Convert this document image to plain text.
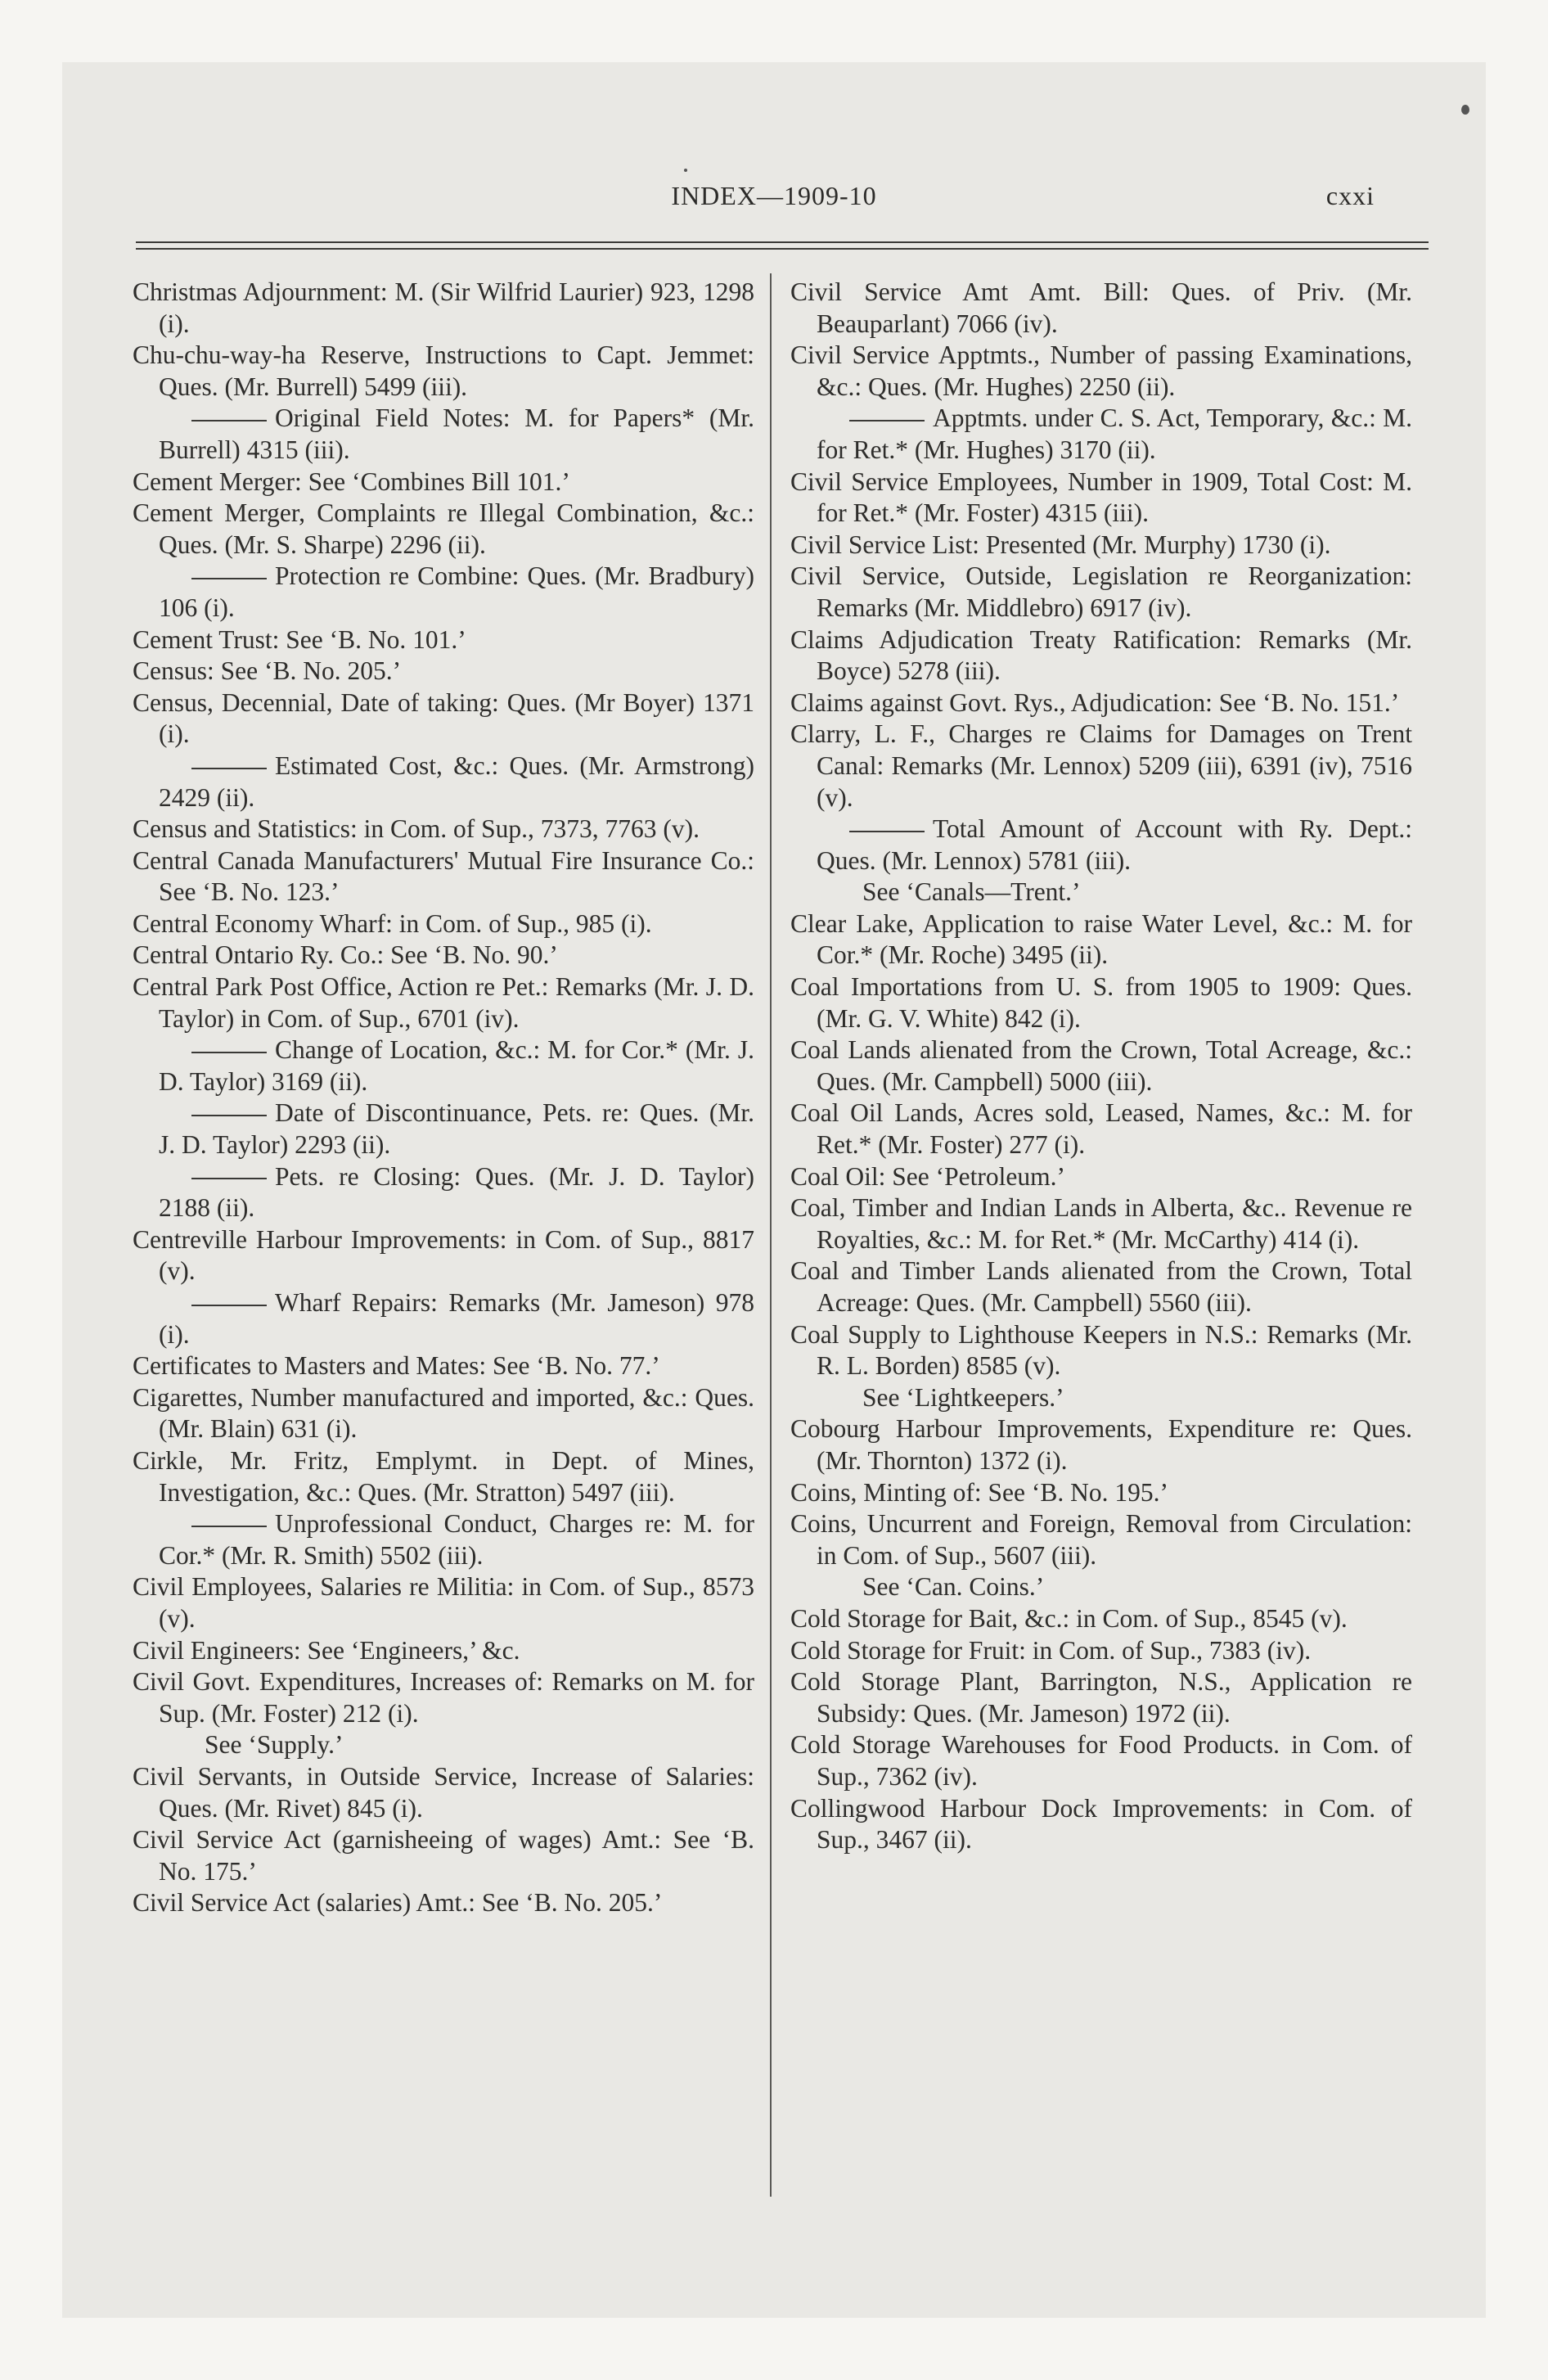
INDEX—1909-10	cxxi

Christmas Adjournment: M. (Sir Wilfrid Laurier) 923, 1298 (i).

Chu-chu-way-ha Reserve, Instructions to Capt. Jemmet: Ques. (Mr. Burrell) 5499 (iii).

Original Field Notes: M. for Papers* (Mr. Burrell) 4315 (iii).

Cement Merger: See ‘Combines Bill 101.’

Cement Merger, Complaints re Illegal Combination, &c.: Ques. (Mr. S. Sharpe) 2296 (ii).

Protection re Combine: Ques. (Mr. Bradbury) 106 (i).

Cement Trust: See ‘B. No. 101.’

Census: See ‘B. No. 205.’

Census, Decennial, Date of taking: Ques. (Mr Boyer) 1371 (i).

Estimated Cost, &c.: Ques. (Mr. Armstrong) 2429 (ii).

Census and Statistics: in Com. of Sup., 7373, 7763 (v).

Central Canada Manufacturers' Mutual Fire Insurance Co.: See ‘B. No. 123.’

Central Economy Wharf: in Com. of Sup., 985 (i).

Central Ontario Ry. Co.: See ‘B. No. 90.’

Central Park Post Office, Action re Pet.: Remarks (Mr. J. D. Taylor) in Com. of Sup., 6701 (iv).

Change of Location, &c.: M. for Cor.* (Mr. J. D. Taylor) 3169 (ii).

Date of Discontinuance, Pets. re: Ques. (Mr. J. D. Taylor) 2293 (ii).

Pets. re Closing: Ques. (Mr. J. D. Taylor) 2188 (ii).

Centreville Harbour Improvements: in Com. of Sup., 8817 (v).

Wharf Repairs: Remarks (Mr. Jameson) 978 (i).

Certificates to Masters and Mates: See ‘B. No. 77.’

Cigarettes, Number manufactured and imported, &c.: Ques. (Mr. Blain) 631 (i).

Cirkle, Mr. Fritz, Emplymt. in Dept. of Mines, Investigation, &c.: Ques. (Mr. Stratton) 5497 (iii).

Unprofessional Conduct, Charges re: M. for Cor.* (Mr. R. Smith) 5502 (iii).

Civil Employees, Salaries re Militia: in Com. of Sup., 8573 (v).

Civil Engineers: See ‘Engineers,’ &c.

Civil Govt. Expenditures, Increases of: Remarks on M. for Sup. (Mr. Foster) 212 (i).

See ‘Supply.’

Civil Servants, in Outside Service, Increase of Salaries: Ques. (Mr. Rivet) 845 (i).

Civil Service Act (garnisheeing of wages) Amt.: See ‘B. No. 175.’

Civil Service Act (salaries) Amt.: See ‘B. No. 205.’

Civil Service Amt Amt. Bill: Ques. of Priv. (Mr. Beauparlant) 7066 (iv).

Civil Service Apptmts., Number of passing Examinations, &c.: Ques. (Mr. Hughes) 2250 (ii).

Apptmts. under C. S. Act, Temporary, &c.: M. for Ret.* (Mr. Hughes) 3170 (ii).

Civil Service Employees, Number in 1909, Total Cost: M. for Ret.* (Mr. Foster) 4315 (iii).

Civil Service List: Presented (Mr. Murphy) 1730 (i).

Civil Service, Outside, Legislation re Reorganization: Remarks (Mr. Middlebro) 6917 (iv).

Claims Adjudication Treaty Ratification: Remarks (Mr. Boyce) 5278 (iii).

Claims against Govt. Rys., Adjudication: See ‘B. No. 151.’

Clarry, L. F., Charges re Claims for Damages on Trent Canal: Remarks (Mr. Lennox) 5209 (iii), 6391 (iv), 7516 (v).

Total Amount of Account with Ry. Dept.: Ques. (Mr. Lennox) 5781 (iii).

See ‘Canals—Trent.’

Clear Lake, Application to raise Water Level, &c.: M. for Cor.* (Mr. Roche) 3495 (ii).

Coal Importations from U. S. from 1905 to 1909: Ques. (Mr. G. V. White) 842 (i).

Coal Lands alienated from the Crown, Total Acreage, &c.: Ques. (Mr. Campbell) 5000 (iii).

Coal Oil Lands, Acres sold, Leased, Names, &c.: M. for Ret.* (Mr. Foster) 277 (i).

Coal Oil: See ‘Petroleum.’

Coal, Timber and Indian Lands in Alberta, &c.. Revenue re Royalties, &c.: M. for Ret.* (Mr. McCarthy) 414 (i).

Coal and Timber Lands alienated from the Crown, Total Acreage: Ques. (Mr. Campbell) 5560 (iii).

Coal Supply to Lighthouse Keepers in N.S.: Remarks (Mr. R. L. Borden) 8585 (v).

See ‘Lightkeepers.’

Cobourg Harbour Improvements, Expenditure re: Ques. (Mr. Thornton) 1372 (i).

Coins, Minting of: See ‘B. No. 195.’

Coins, Uncurrent and Foreign, Removal from Circulation: in Com. of Sup., 5607 (iii).

See ‘Can. Coins.’

Cold Storage for Bait, &c.: in Com. of Sup., 8545 (v).

Cold Storage for Fruit: in Com. of Sup., 7383 (iv).

Cold Storage Plant, Barrington, N.S., Application re Subsidy: Ques. (Mr. Jameson) 1972 (ii).

Cold Storage Warehouses for Food Products. in Com. of Sup., 7362 (iv).

Collingwood Harbour Dock Improvements: in Com. of Sup., 3467 (ii).
